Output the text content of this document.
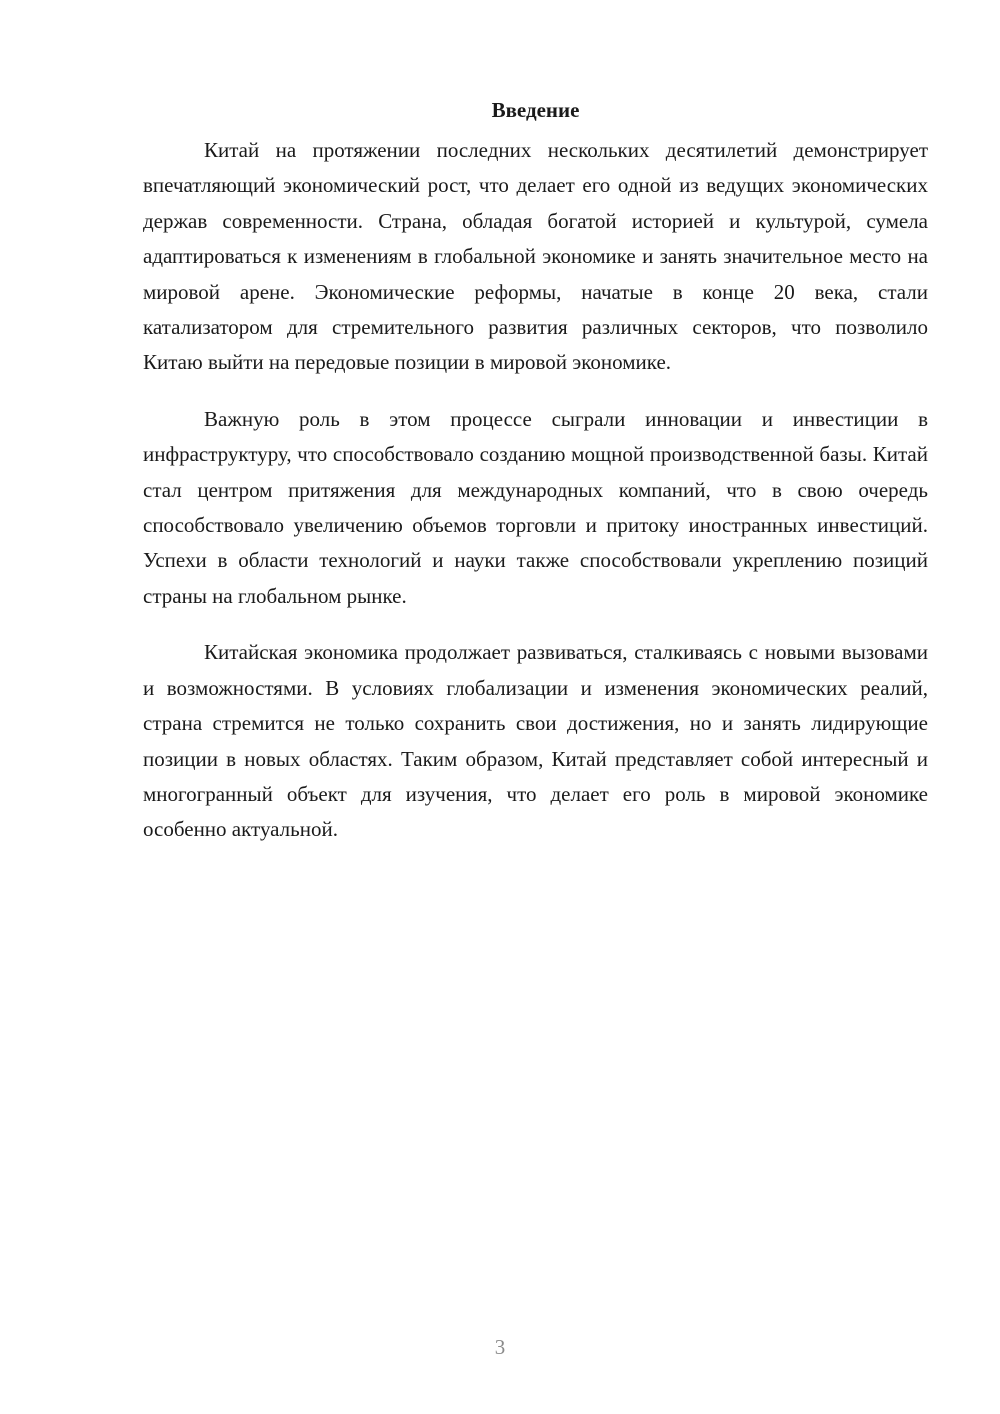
Введение

Китай на протяжении последних нескольких десятилетий демонстрирует впечатляющий экономический рост, что делает его одной из ведущих экономических держав современности. Страна, обладая богатой историей и культурой, сумела адаптироваться к изменениям в глобальной экономике и занять значительное место на мировой арене. Экономические реформы, начатые в конце 20 века, стали катализатором для стремительного развития различных секторов, что позволило Китаю выйти на передовые позиции в мировой экономике.

Важную роль в этом процессе сыграли инновации и инвестиции в инфраструктуру, что способствовало созданию мощной производственной базы. Китай стал центром притяжения для международных компаний, что в свою очередь способствовало увеличению объемов торговли и притоку иностранных инвестиций. Успехи в области технологий и науки также способствовали укреплению позиций страны на глобальном рынке.

Китайская экономика продолжает развиваться, сталкиваясь с новыми вызовами и возможностями. В условиях глобализации и изменения экономических реалий, страна стремится не только сохранить свои достижения, но и занять лидирующие позиции в новых областях. Таким образом, Китай представляет собой интересный и многогранный объект для изучения, что делает его роль в мировой экономике особенно актуальной.

3
